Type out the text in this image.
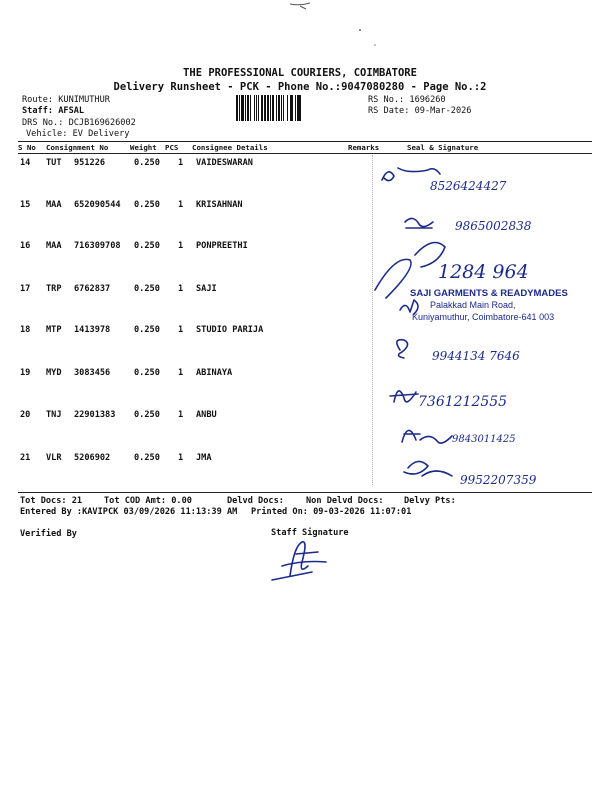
THE PROFESSIONAL COURIERS, COIMBATORE
Delivery Runsheet - PCK - Phone No.:9047080280 - Page No.:2
Route: KUNIMUTHUR
Staff: AFSAL
DRS No.: DCJB169626002
Vehicle: EV Delivery
RS No.: 1696260
RS Date: 09-Mar-2026
S No Consignment No	Weight PCS Consignee Details	Remarks	Seal & Signature
14 TUT 951226	0.250 1 VAIDESWARAN
15 MAA 652090544 0.250 1 KRISAHNAN
16 MAA 716309708 0.250 1 PONPREETHI
17 TRP 6762837	0.250 1 SAJI
18 MTP 1413978	0.250 1 STUDIO PARIJA
19 MYD 3083456	0.250 1 ABINAYA
20 TNJ 22901383 0.250 1 ANBU
21 VLR 5206902	0.250 1 JMA
8526424427
9865002838
1284 964
SAJI GARMENTS & READYMADES
Palakkad Main Road,
Kuniyamuthur, Coimbatore-641 003
9944134 7646
7361212555
9843011425
9952207359
Tot Docs: 21	Tot COD Amt: 0.00	Delvd Docs:	Non Delvd Docs: Delvy Pts:
Entered By :KAVIPCK 03/09/2026 11:13:39 AM Printed On: 09-03-2026 11:07:01
Verified By	Staff Signature
